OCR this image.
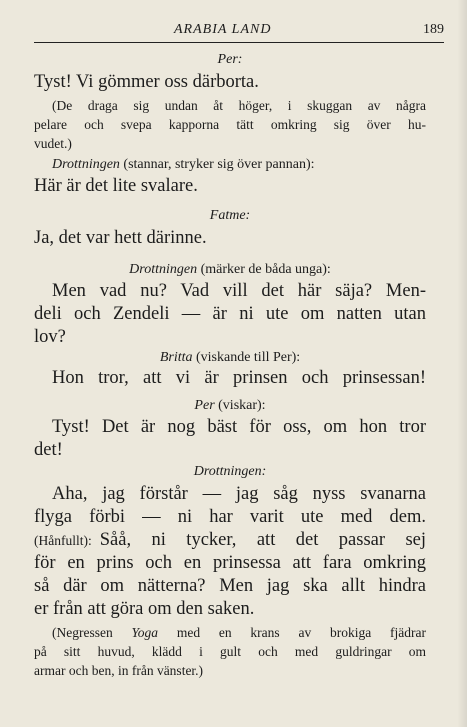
ARABIA LAND	189
Per:
Tyst! Vi gömmer oss därborta.
(De draga sig undan åt höger, i skuggan av några
pelare och svepa kapporna tätt omkring sig över hu-
vudet.)
Drottningen (stannar, stryker sig över pannan):
Här är det lite svalare.
Fatme:
Ja, det var hett därinne.
Drottningen (märker de båda unga):
Men vad nu? Vad vill det här säja? Men-
deli och Zendeli — är ni ute om natten utan
lov?
Britta (viskande till Per):
Hon tror, att vi är prinsen och prinsessan!
Per (viskar):
Tyst! Det är nog bäst för oss, om hon tror
det!
Drottningen:
Aha, jag förstår — jag såg nyss svanarna
flyga förbi — ni har varit ute med dem.
(Hånfullt): Såå, ni tycker, att det passar sej
för en prins och en prinsessa att fara omkring
så där om nätterna? Men jag ska allt hindra
er från att göra om den saken.
(Negressen Yoga med en krans av brokiga fjädrar
på sitt huvud, klädd i gult och med guldringar om
armar och ben, in från vänster.)
